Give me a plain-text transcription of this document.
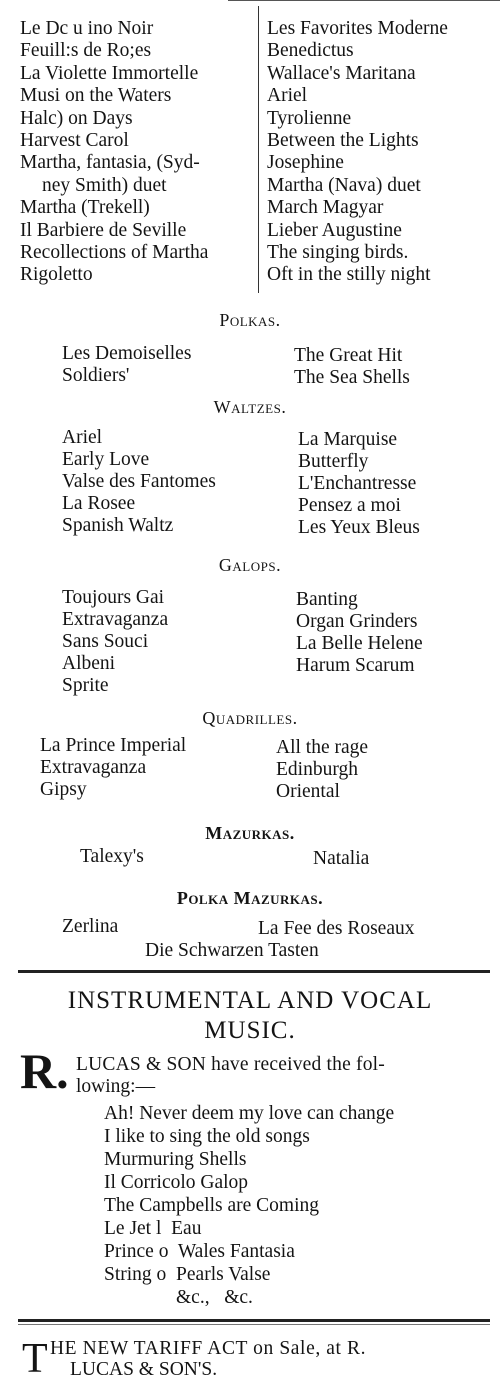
Le Dc u ino Noir
Feuill:s de Ro;es
La Violette Immortelle
Musi on the Waters
Halc) on Days
Harvest Carol
Martha, fantasia, (Syd-
ney Smith) duet
Martha (Trekell)
Il Barbiere de Seville
Recollections of Martha
Rigoletto
Les Favorites Moderne
Benedictus
Wallace's Maritana
Ariel
Tyrolienne
Between the Lights
Josephine
Martha (Nava) duet
March Magyar
Lieber Augustine
The singing birds.
Oft in the stilly night
Polkas.
Les Demoiselles
Soldiers'
The Great Hit
The Sea Shells
Waltzes.
Ariel
Early Love
Valse des Fantomes
La Rosee
Spanish Waltz
La Marquise
Butterfly
L'Enchantresse
Pensez a moi
Les Yeux Bleus
Galops.
Toujours Gai
Extravaganza
Sans Souci
Albeni
Sprite
Banting
Organ Grinders
La Belle Helene
Harum Scarum
Quadrilles.
La Prince Imperial
Extravaganza
Gipsy
All the rage
Edinburgh
Oriental
Mazurkas.
Talexy's	Natalia
Polka Mazurkas.
Zerlina	La Fee des Roseaux
Die Schwarzen Tasten
INSTRUMENTAL AND VOCAL
MUSIC.
R. LUCAS & SON have received the fol-
lowing:—
Ah! Never deem my love can change
I like to sing the old songs
Murmuring Shells
Il Corricolo Galop
The Campbells are Coming
Le Jet l  Eau
Prince o  Wales Fantasia
String o  Pearls Valse
&c.,   &c.
T HE NEW TARIFF ACT on Sale, at R.
LUCAS & SON'S.
